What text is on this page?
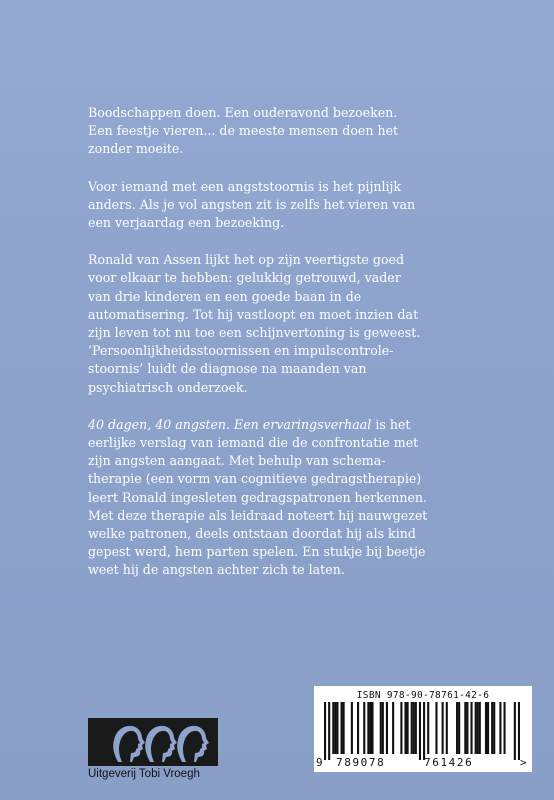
Boodschappen doen. Een ouderavond bezoeken.
Een feestje vieren... de meeste mensen doen het
zonder moeite.

Voor iemand met een angststoornis is het pijnlijk
anders. Als je vol angsten zit is zelfs het vieren van
een verjaardag een bezoeking.

Ronald van Assen lijkt het op zijn veertigste goed
voor elkaar te hebben: gelukkig getrouwd, vader
van drie kinderen en een goede baan in de
automatisering. Tot hij vastloopt en moet inzien dat
zijn leven tot nu toe een schijnvertoning is geweest.
‘Persoonlijkheidsstoornissen en impulscontrole-
stoornis’ luidt de diagnose na maanden van
psychiatrisch onderzoek.

40 dagen, 40 angsten. Een ervaringsverhaal is het
eerlijke verslag van iemand die de confrontatie met
zijn angsten aangaat. Met behulp van schema-
therapie (een vorm van cognitieve gedragstherapie)
leert Ronald ingesleten gedragspatronen herkennen.
Met deze therapie als leidraad noteert hij nauwgezet
welke patronen, deels ontstaan doordat hij als kind
gepest werd, hem parten spelen. En stukje bij beetje
weet hij de angsten achter zich te laten.

Uitgeverij Tobi Vroegh
ISBN 978-90-78761-42-6
9 789078	761426	>
